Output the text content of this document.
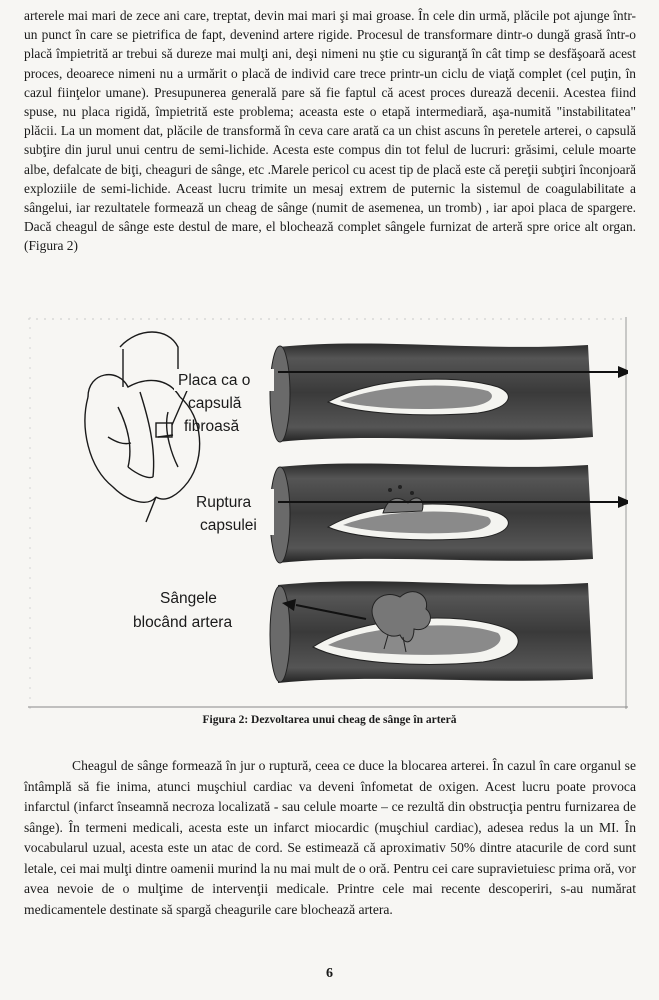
arterele mai mari de zece ani care, treptat, devin mai mari şi mai groase. În cele din urmă, plăcile pot ajunge într-un punct în care se pietrifica de fapt, devenind artere rigide. Procesul de transformare dintr-o dungă grasă într-o placă împietrită ar trebui să dureze mai mulţi ani, deşi nimeni nu ştie cu siguranţă în cât timp se desfăşoară acest proces, deoarece nimeni nu a urmărit o placă de individ care trece printr-un ciclu de viaţă complet (cel puţin, în cazul fiinţelor umane). Presupunerea generală pare să fie faptul că acest proces durează decenii. Acestea fiind spuse, nu placa rigidă, împietrită este problema; aceasta este o etapă intermediară, aşa-numită "instabilitatea" plăcii. La un moment dat, plăcile de transformă în ceva care arată ca un chist ascuns în peretele arterei, o capsulă subţire din jurul unui centru de semi-lichide. Acesta este compus din tot felul de lucruri: grăsimi, celule moarte albe, defalcate de biţi, cheaguri de sânge, etc .Marele pericol cu acest tip de placă este că pereţii subţiri înconjoară exploziile de semi-lichide. Aceast lucru trimite un mesaj extrem de puternic la sistemul de coagulabilitate a sângelui, iar rezultatele formează un cheag de sânge (numit de asemenea, un tromb) , iar apoi placa de spargere. Dacă cheagul de sânge este destul de mare, el blochează complet sângele furnizat de arteră spre orice alt organ. (Figura 2)

Placa ca o
capsulă
fibroasă
Ruptura
capsulei
Sângele
blocând artera
Figura 2: Dezvoltarea unui cheag de sânge în arteră

Cheagul de sânge formează în jur o ruptură, ceea ce duce la blocarea arterei. În cazul în care organul se întâmplă să fie inima, atunci muşchiul cardiac va deveni înfometat de oxigen. Acest lucru poate provoca infarctul (infarct înseamnă necroza localizată - sau celule moarte – ce rezultă din obstrucţia pentru furnizarea de sânge). În termeni medicali, acesta este un infarct miocardic (muşchiul cardiac), adesea redus la un MI. În vocabularul uzual, acesta este un atac de cord. Se estimează că aproximativ 50% dintre atacurile de cord sunt letale, cei mai mulţi dintre oamenii murind la nu mai mult de o oră. Pentru cei care supravietuiesc prima oră, vor avea nevoie de o mulţime de intervenţii medicale. Printre cele mai recente descoperiri, s-au numărat medicamentele destinate să spargă cheagurile care blochează artera.

6
